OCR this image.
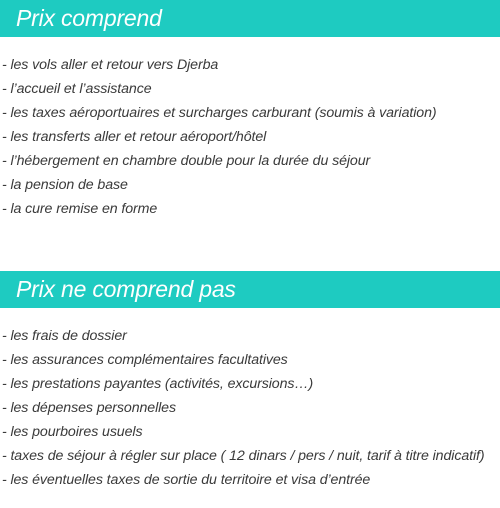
Prix comprend
- les vols aller et retour vers Djerba
- l’accueil et l’assistance
- les taxes aéroportuaires et surcharges carburant (soumis à variation)
- les transferts aller et retour aéroport/hôtel
- l’hébergement en chambre double pour la durée du séjour
- la pension de base
- la cure remise en forme
Prix ne comprend pas
- les frais de dossier
- les assurances complémentaires facultatives
- les prestations payantes (activités, excursions…)
- les dépenses personnelles
- les pourboires usuels
- taxes de séjour à régler sur place ( 12 dinars / pers / nuit, tarif à titre indicatif)
- les éventuelles taxes de sortie du territoire et visa d’entrée
